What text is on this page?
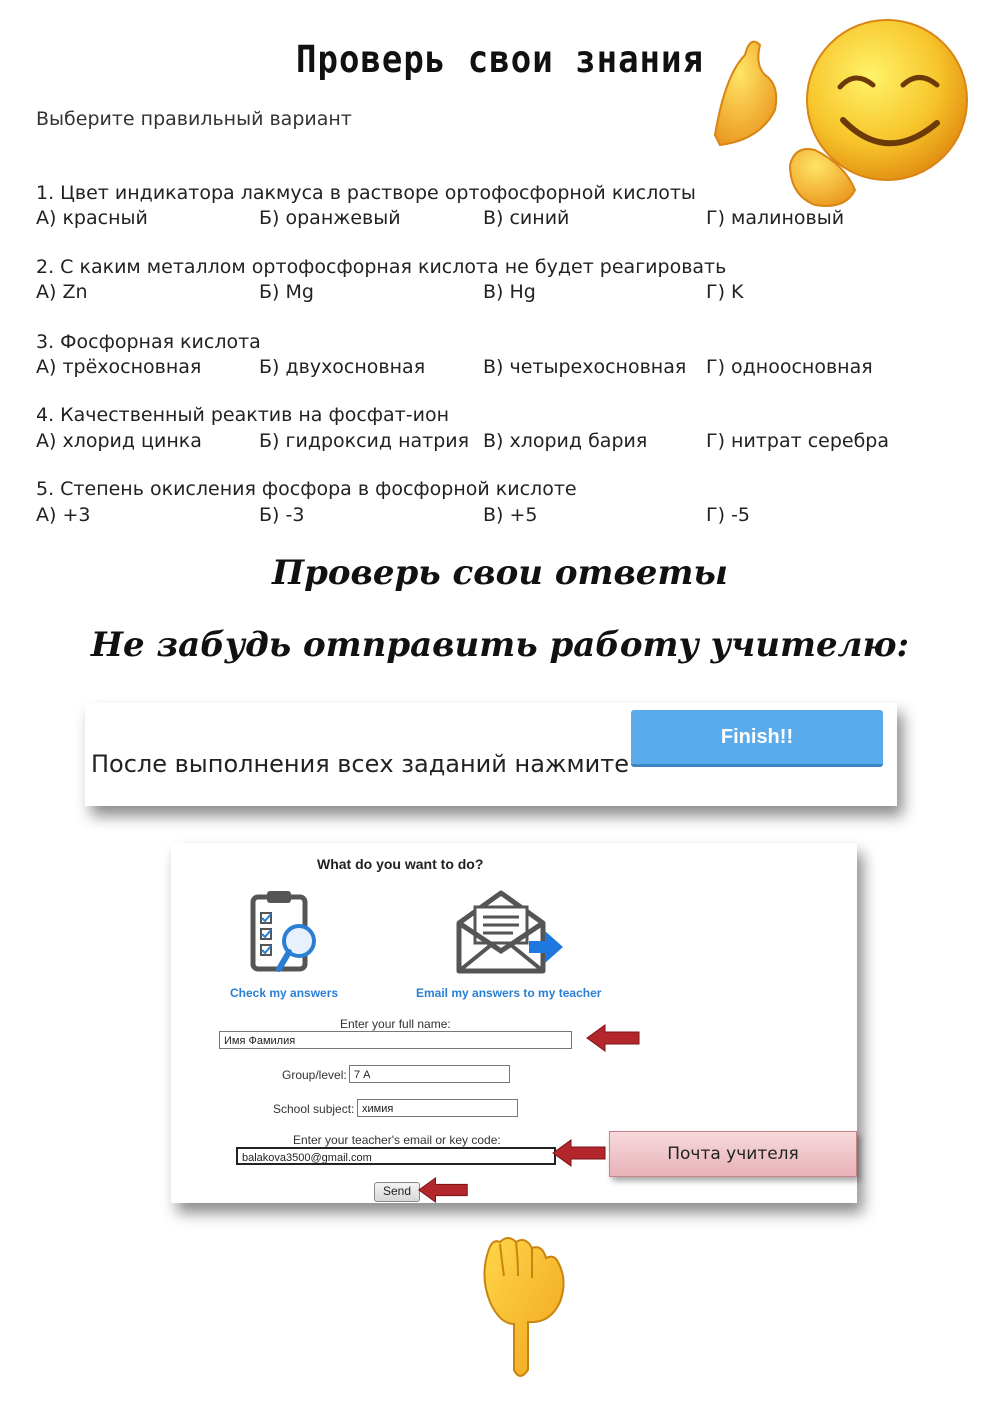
Проверь свои знания
Выберите правильный вариант
1. Цвет индикатора лакмуса в растворе ортофосфорной кислоты
А) красный	Б) оранжевый	В) синий	Г) малиновый
2. С каким металлом ортофосфорная кислота не будет реагировать
А) Zn	Б) Mg	В) Hg	Г) K
3. Фосфорная кислота
А) трёхосновная	Б) двухосновная	В) четырехосновная Г) одноосновная
4. Качественный реактив на фосфат-ион
А) хлорид цинка	Б) гидроксид натрия В) хлорид бария	Г) нитрат серебра
5. Степень окисления фосфора в фосфорной кислоте
А) +3	Б) -3	В) +5	Г) -5
Проверь свои ответы
Не забудь отправить работу учителю:
После выполнения всех заданий нажмите
Finish!!
What do you want to do?
Check my answers	Email my answers to my teacher
Enter your full name:
Имя Фамилия
Group/level: 7 А
School subject: химия
Enter your teacher's email or key code:
balakova3500@gmail.com
Send
Почта учителя
